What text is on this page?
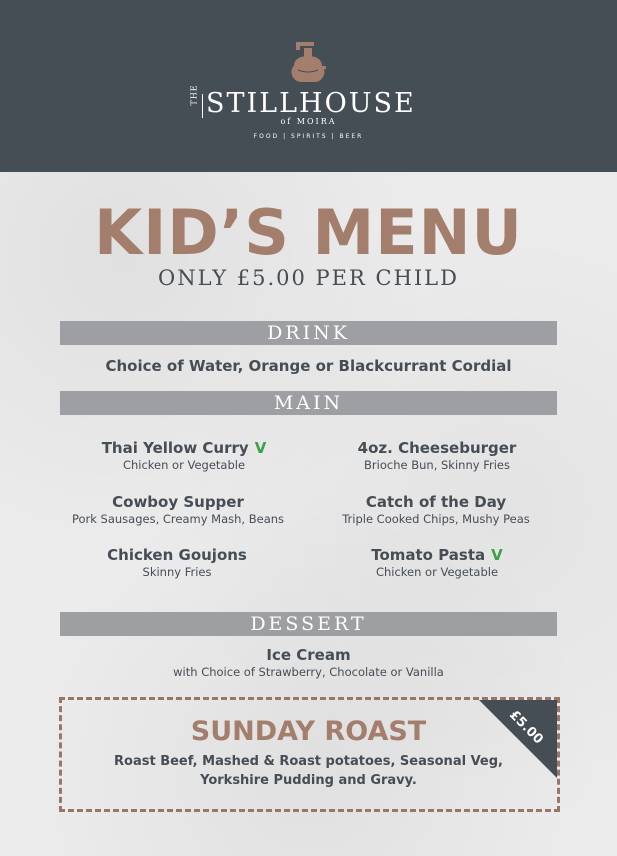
THE STILLHOUSE
of MOIRA
FOOD | SPIRITS | BEER
KID’S MENU
ONLY £5.00 PER CHILD
DRINK
Choice of Water, Orange or Blackcurrant Cordial
MAIN
Thai Yellow Curry V
Chicken or Vegetable
4oz. Cheeseburger
Brioche Bun, Skinny Fries
Cowboy Supper
Pork Sausages, Creamy Mash, Beans
Catch of the Day
Triple Cooked Chips, Mushy Peas
Chicken Goujons
Skinny Fries
Tomato Pasta V
Chicken or Vegetable
DESSERT
Ice Cream
with Choice of Strawberry, Chocolate or Vanilla
£5.00
SUNDAY ROAST
Roast Beef, Mashed & Roast potatoes, Seasonal Veg, Yorkshire Pudding and Gravy.
